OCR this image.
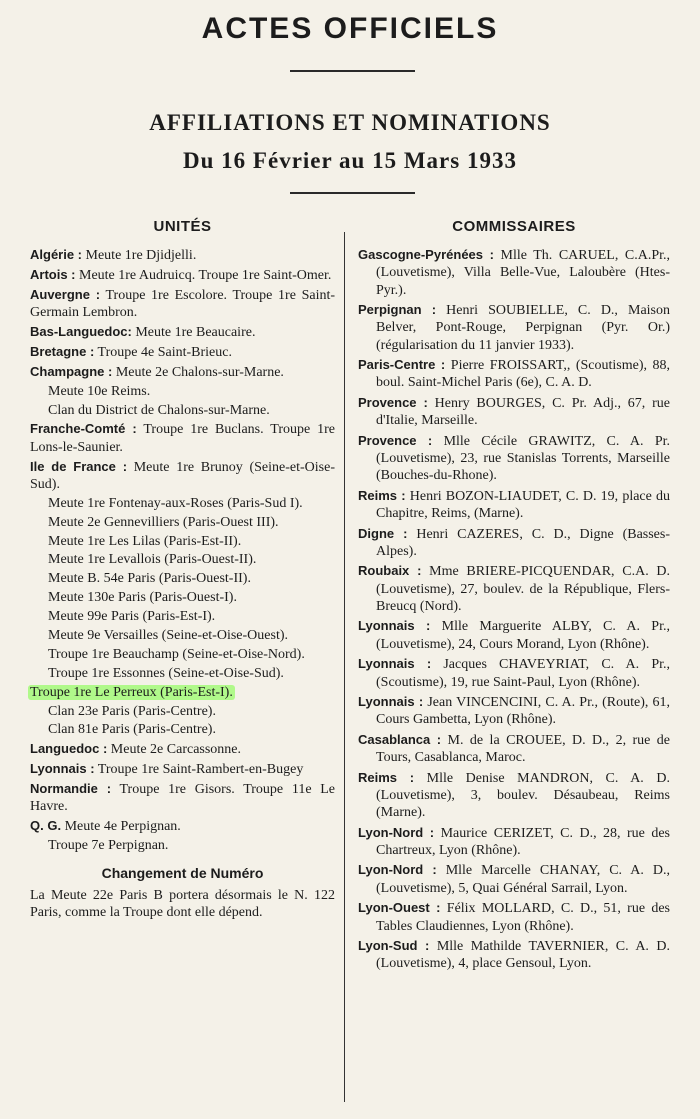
ACTES OFFICIELS
AFFILIATIONS ET NOMINATIONS
Du 16 Février au 15 Mars 1933
UNITÉS	COMMISSAIRES
Algérie : Meute 1re Djidjelli.
Artois : Meute 1re Audruicq. Troupe 1re Saint-Omer.
Auvergne : Troupe 1re Escolore. Troupe 1re Saint-Germain Lembron.
Bas-Languedoc: Meute 1re Beaucaire.
Bretagne : Troupe 4e Saint-Brieuc.
Champagne : Meute 2e Chalons-sur-Marne.
Meute 10e Reims.
Clan du District de Chalons-sur-Marne.
Franche-Comté : Troupe 1re Buclans. Troupe 1re Lons-le-Saunier.
Ile de France : Meute 1re Brunoy (Seine-et-Oise-Sud).
Meute 1re Fontenay-aux-Roses (Paris-Sud I).
Meute 2e Gennevilliers (Paris-Ouest III).
Meute 1re Les Lilas (Paris-Est-II).
Meute 1re Levallois (Paris-Ouest-II).
Meute B. 54e Paris (Paris-Ouest-II).
Meute 130e Paris (Paris-Ouest-I).
Meute 99e Paris (Paris-Est-I).
Meute 9e Versailles (Seine-et-Oise-Ouest).
Troupe 1re Beauchamp (Seine-et-Oise-Nord).
Troupe 1re Essonnes (Seine-et-Oise-Sud).
Troupe 1re Le Perreux (Paris-Est-I).
Clan 23e Paris (Paris-Centre).
Clan 81e Paris (Paris-Centre).
Languedoc : Meute 2e Carcassonne.
Lyonnais : Troupe 1re Saint-Rambert-en-Bugey
Normandie : Troupe 1re Gisors. Troupe 11e Le Havre.
Q. G. Meute 4e Perpignan.
Troupe 7e Perpignan.
Changement de Numéro
La Meute 22e Paris B portera désormais le N. 122 Paris, comme la Troupe dont elle dépend.
Gascogne-Pyrénées : Mlle Th. CARUEL, C.A.Pr., (Louvetisme), Villa Belle-Vue, Laloubère (Htes-Pyr.).
Perpignan : Henri SOUBIELLE, C. D., Maison Belver, Pont-Rouge, Perpignan (Pyr. Or.) (régularisation du 11 janvier 1933).
Paris-Centre : Pierre FROISSART,, (Scoutisme), 88, boul. Saint-Michel Paris (6e), C. A. D.
Provence : Henry BOURGES, C. Pr. Adj., 67, rue d'Italie, Marseille.
Provence : Mlle Cécile GRAWITZ, C. A. Pr. (Louvetisme), 23, rue Stanislas Torrents, Marseille (Bouches-du-Rhone).
Reims : Henri BOZON-LIAUDET, C. D. 19, place du Chapitre, Reims, (Marne).
Digne : Henri CAZERES, C. D., Digne (Basses-Alpes).
Roubaix : Mme BRIERE-PICQUENDAR, C.A. D. (Louvetisme), 27, boulev. de la République, Flers-Breucq (Nord).
Lyonnais : Mlle Marguerite ALBY, C. A. Pr., (Louvetisme), 24, Cours Morand, Lyon (Rhône).
Lyonnais : Jacques CHAVEYRIAT, C. A. Pr., (Scoutisme), 19, rue Saint-Paul, Lyon (Rhône).
Lyonnais : Jean VINCENCINI, C. A. Pr., (Route), 61, Cours Gambetta, Lyon (Rhône).
Casablanca : M. de la CROUEE, D. D., 2, rue de Tours, Casablanca, Maroc.
Reims : Mlle Denise MANDRON, C. A. D. (Louvetisme), 3, boulev. Désaubeau, Reims (Marne).
Lyon-Nord : Maurice CERIZET, C. D., 28, rue des Chartreux, Lyon (Rhône).
Lyon-Nord : Mlle Marcelle CHANAY, C. A. D., (Louvetisme), 5, Quai Général Sarrail, Lyon.
Lyon-Ouest : Félix MOLLARD, C. D., 51, rue des Tables Claudiennes, Lyon (Rhône).
Lyon-Sud : Mlle Mathilde TAVERNIER, C. A. D. (Louvetisme), 4, place Gensoul, Lyon.
